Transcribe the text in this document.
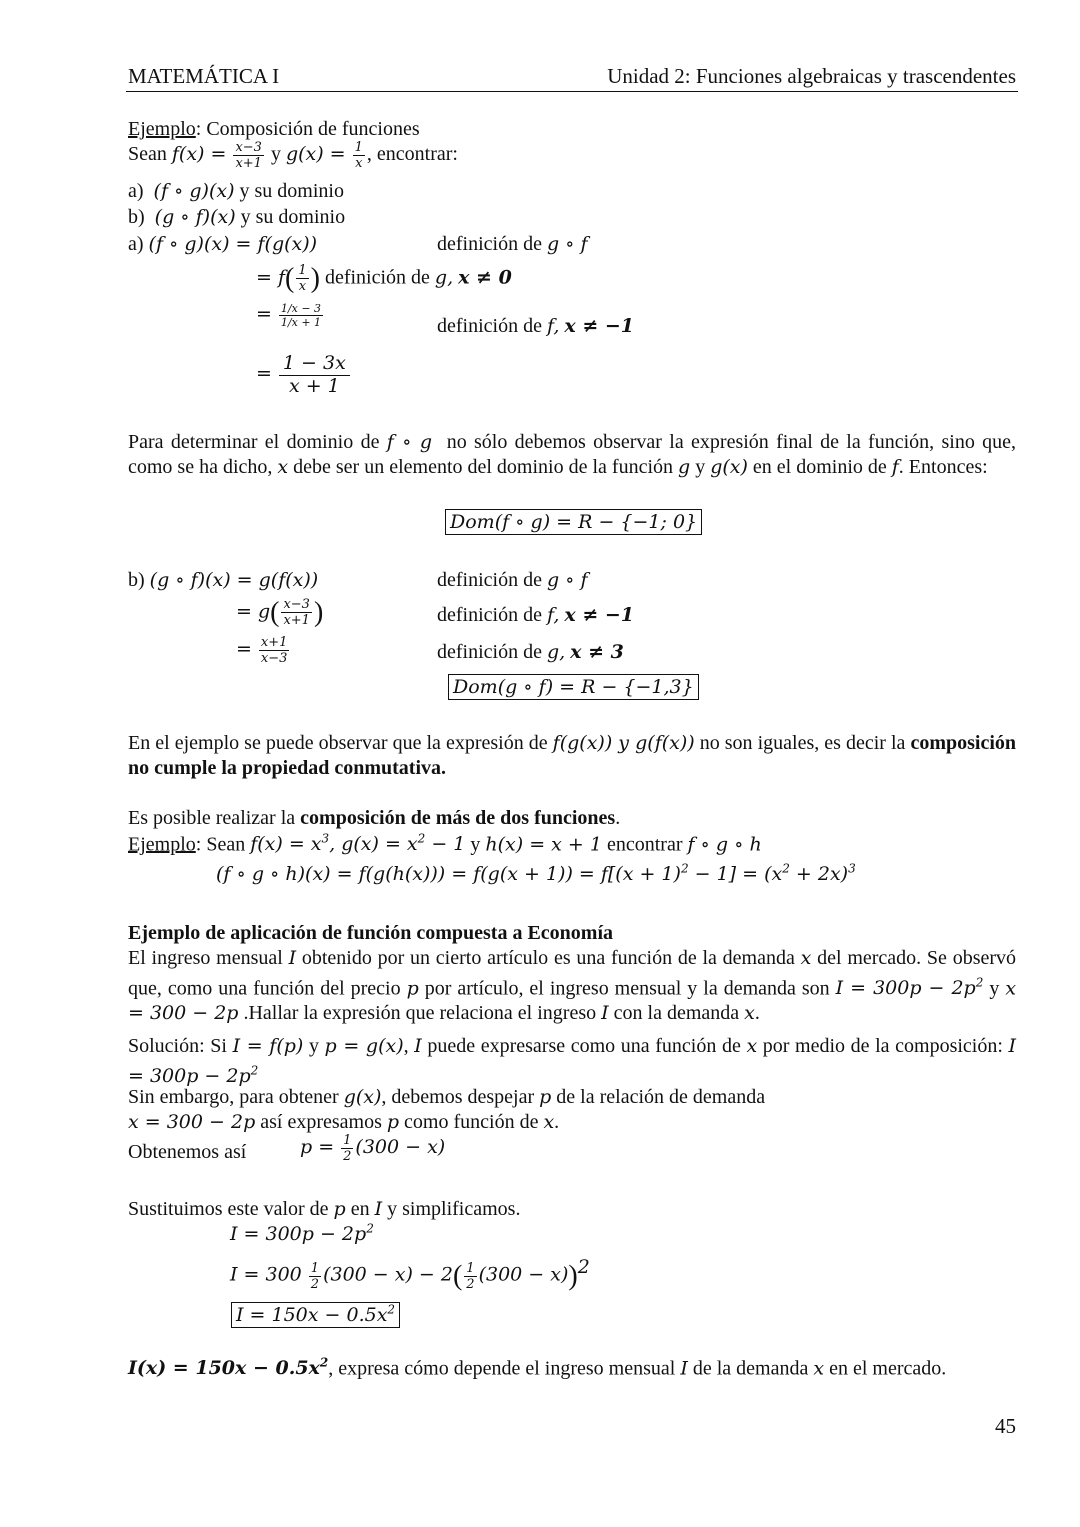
MATEMÁTICA I	Unidad 2: Funciones algebraicas y trascendentes
Ejemplo: Composición de funciones
Sean $f(x) = \frac{x-3}{x+1}$ y $g(x) = \frac{1}{x}$ , encontrar:
a) (f ∘ g)(x) y su dominio
b) (g ∘ f)(x) y su dominio
a) (f ∘ g)(x) = f(g(x))	definición de g ∘ f
= $f( \frac{1}{x}$ ) definición de g, x ≠ 0
= $\frac{1/x - 3}{1/x + 1}$	definición de f, x ≠ −1
= $\frac{1 - 3x}{x + 1}$
Para determinar el dominio de f ∘ g no sólo debemos observar la expresión final de la función, sino que, como se ha dicho, x debe ser un elemento del dominio de la función g y g(x) en el dominio de f. Entonces:
Dom(f ∘ g) = R − {−1; 0}
b) (g ∘ f)(x) = g(f(x))	definición de g ∘ f
= $g( \frac{x-3}{x+1}$ )	definición de f, x ≠ −1
= $\frac{x+1}{x-3}$	definición de g, x ≠ 3
Dom(g ∘ f) = R − {−1,3}
En el ejemplo se puede observar que la expresión de f(g(x)) y g(f(x)) no son iguales, es decir la composición no cumple la propiedad conmutativa.
Es posible realizar la composición de más de dos funciones.
Ejemplo: Sean $f(x) = x^3$, $g(x) = x^2 - 1$ y h(x) = x + 1 encontrar f ∘ g ∘ h
(f ∘ g ∘ $h)(x) = f(g(h(x))) = f(g(x + 1)) = f[(x + 1)^2 - 1] = (x^2 + 2x)^3$
Ejemplo de aplicación de función compuesta a Economía
El ingreso mensual I obtenido por un cierto artículo es una función de la demanda x del mercado. Se observó que, como una función del precio p por artículo, el ingreso mensual y la demanda son $I = 300p - 2p^2$ y x = 300 − 2p .Hallar la expresión que relaciona el ingreso I con la demanda x.
Solución: Si I = f(p) y p = g(x), I puede expresarse como una función de x por medio de la composición: $I = 300p - 2p^2$
Sin embargo, para obtener g(x), debemos despejar p de la relación de demanda
x = 300 − 2p así expresamos p como función de x.
Obtenemos así	$p = \frac{1}{2} (300 - x)$
Sustituimos este valor de p en I y simplificamos.
$I = 300p - 2p^2$
$I = 300 \frac{1}{2} (300 - x) - 2( \frac{1}{2} (300 - x))^2$
$I = 150x - 0.5x^2$
$I(x) = 150x - 0.5x^2$, expresa cómo depende el ingreso mensual I de la demanda x en el mercado.
45
